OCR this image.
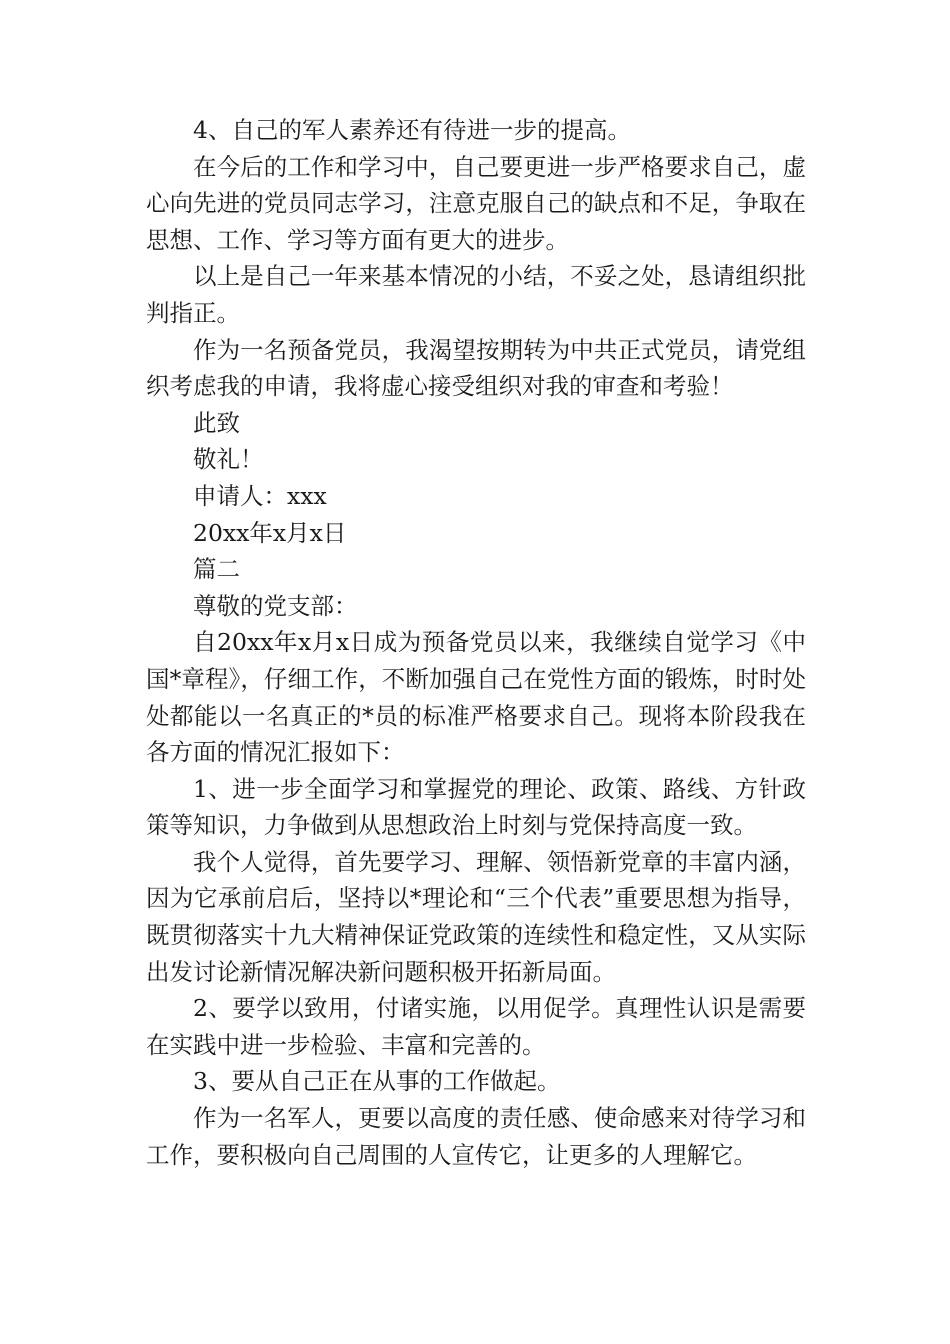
4、自己的军人素养还有待进一步的提高。

在今后的工作和学习中，自己要更进一步严格要求自己，虚心向先进的党员同志学习，注意克服自己的缺点和不足，争取在思想、工作、学习等方面有更大的进步。

以上是自己一年来基本情况的小结，不妥之处，恳请组织批判指正。

作为一名预备党员，我渴望按期转为中共正式党员，请党组织考虑我的申请，我将虚心接受组织对我的审查和考验！

此致

敬礼！

申请人：xxx

20xx年x月x日

篇二

尊敬的党支部：

自20xx年x月x日成为预备党员以来，我继续自觉学习《中国*章程》，仔细工作，不断加强自己在党性方面的锻炼，时时处处都能以一名真正的*员的标准严格要求自己。现将本阶段我在各方面的情况汇报如下：

1、进一步全面学习和掌握党的理论、政策、路线、方针政策等知识，力争做到从思想政治上时刻与党保持高度一致。

我个人觉得，首先要学习、理解、领悟新党章的丰富内涵，因为它承前启后，坚持以*理论和“三个代表”重要思想为指导，既贯彻落实十九大精神保证党政策的连续性和稳定性，又从实际出发讨论新情况解决新问题积极开拓新局面。

2、要学以致用，付诸实施，以用促学。真理性认识是需要在实践中进一步检验、丰富和完善的。

3、要从自己正在从事的工作做起。

作为一名军人，更要以高度的责任感、使命感来对待学习和工作，要积极向自己周围的人宣传它，让更多的人理解它。
